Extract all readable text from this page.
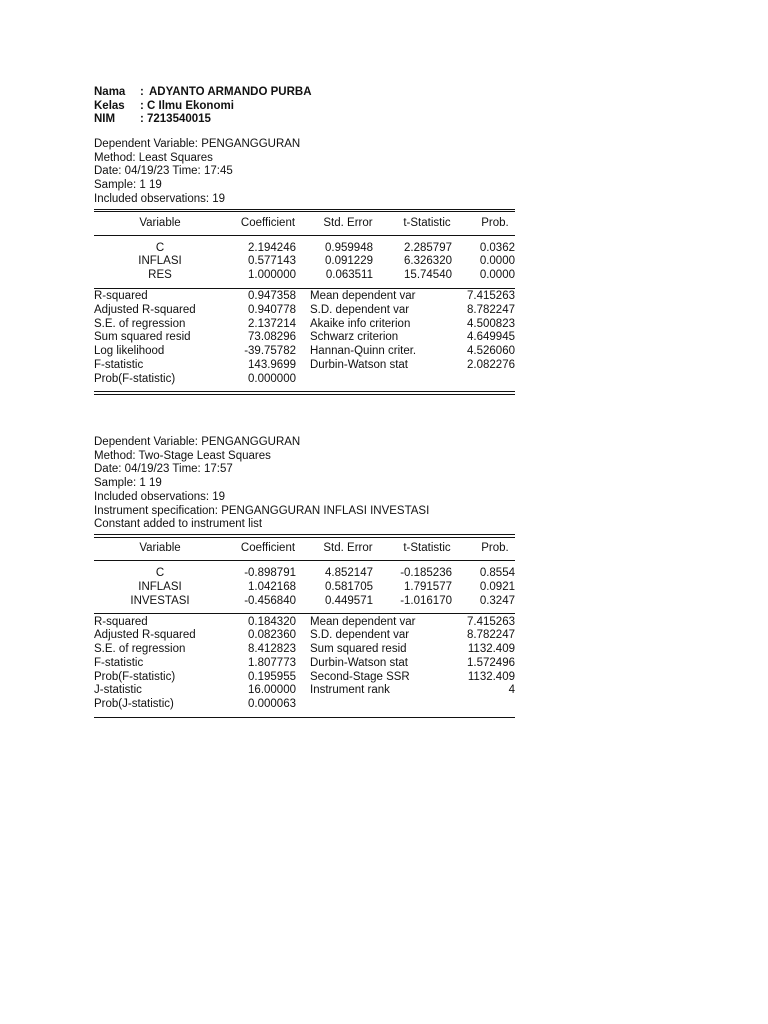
Nama : ADYANTO ARMANDO PURBA
Kelas : C Ilmu Ekonomi
NIM : 7213540015
Dependent Variable: PENGANGGURAN
Method: Least Squares
Date: 04/19/23 Time: 17:45
Sample: 1 19
Included observations: 19
Variable	Coefficient	Std. Error	t-Statistic	Prob.
C	2.194246	0.959948	2.285797	0.0362
INFLASI	0.577143	0.091229	6.326320	0.0000
RES	1.000000	0.063511	15.74540	0.0000
R-squared	0.947358 Mean dependent var	7.415263
Adjusted R-squared	0.940778 S.D. dependent var	8.782247
S.E. of regression	2.137214 Akaike info criterion	4.500823
Sum squared resid	73.08296 Schwarz criterion	4.649945
Log likelihood	-39.75782 Hannan-Quinn criter.	4.526060
F-statistic	143.9699 Durbin-Watson stat	2.082276
Prob(F-statistic)	0.000000
Dependent Variable: PENGANGGURAN
Method: Two-Stage Least Squares
Date: 04/19/23 Time: 17:57
Sample: 1 19
Included observations: 19
Instrument specification: PENGANGGURAN INFLASI INVESTASI
Constant added to instrument list
Variable	Coefficient	Std. Error	t-Statistic	Prob.
C	-0.898791	4.852147	-0.185236	0.8554
INFLASI	1.042168	0.581705	1.791577	0.0921
INVESTASI	-0.456840	0.449571	-1.016170	0.3247
R-squared	0.184320 Mean dependent var	7.415263
Adjusted R-squared	0.082360 S.D. dependent var	8.782247
S.E. of regression	8.412823 Sum squared resid	1132.409
F-statistic	1.807773 Durbin-Watson stat	1.572496
Prob(F-statistic)	0.195955 Second-Stage SSR	1132.409
J-statistic	16.00000 Instrument rank	4
Prob(J-statistic)	0.000063
